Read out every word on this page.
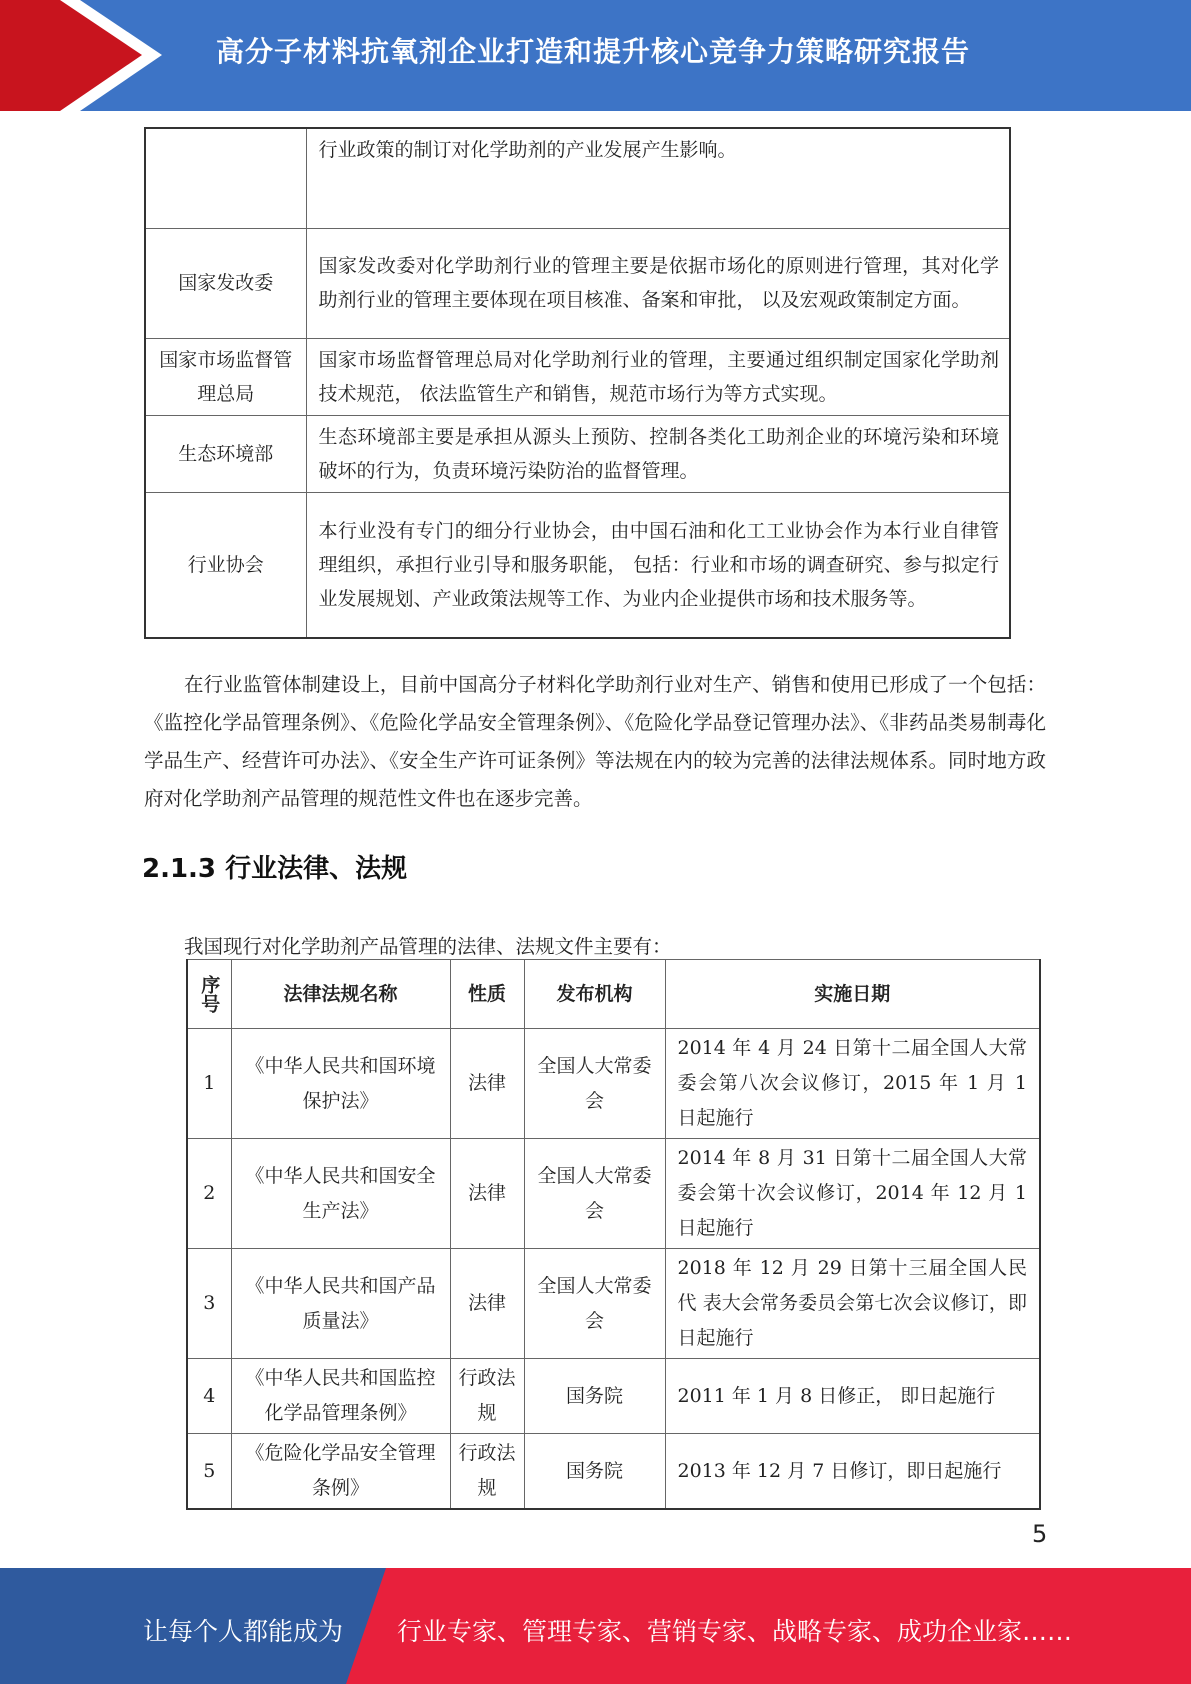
高分子材料抗氧剂企业打造和提升核心竞争力策略研究报告
	行业政策的制订对化学助剂的产业发展产生影响。
国家发改委	国家发改委对化学助剂行业的管理主要是依据市场化的原则进行管理，其对化学助剂行业的管理主要体现在项目核准、备案和审批， 以及宏观政策制定方面。
国家市场监督管理总局	国家市场监督管理总局对化学助剂行业的管理，主要通过组织制定国家化学助剂技术规范， 依法监管生产和销售，规范市场行为等方式实现。
生态环境部	生态环境部主要是承担从源头上预防、控制各类化工助剂企业的环境污染和环境破坏的行为，负责环境污染防治的监督管理。
行业协会	本行业没有专门的细分行业协会，由中国石油和化工工业协会作为本行业自律管理组织，承担行业引导和服务职能， 包括：行业和市场的调查研究、参与拟定行业发展规划、产业政策法规等工作、为业内企业提供市场和技术服务等。

在行业监管体制建设上，目前中国高分子材料化学助剂行业对生产、销售和使用已形成了一个包括：《监控化学品管理条例》、《危险化学品安全管理条例》、《危险化学品登记管理办法》、《非药品类易制毒化学品生产、经营许可办法》、《安全生产许可证条例》等法规在内的较为完善的法律法规体系。同时地方政府对化学助剂产品管理的规范性文件也在逐步完善。

2.1.3 行业法律、法规
我国现行对化学助剂产品管理的法律、法规文件主要有：
序号	法律法规名称	性质	发布机构	实施日期
1	《中华人民共和国环境保护法》	法律	全国人大常委会	2014 年 4 月 24 日第十二届全国人大常 委会第八次会议修订，2015 年 1 月 1　日起施行
2	《中华人民共和国安全生产法》	法律	全国人大常委会	2014 年 8 月 31 日第十二届全国人大常 委会第十次会议修订，2014 年 12 月 1 日起施行
3	《中华人民共和国产品质量法》	法律	全国人大常委会	2018 年 12 月 29 日第十三届全国人民代 表大会常务委员会第七次会议修订，即 日起施行
4	《中华人民共和国监控化学品管理条例》	行政法规	国务院	2011 年 1 月 8 日修正， 即日起施行
5	《危险化学品安全管理条例》	行政法规	国务院	2013 年 12 月 7 日修订，即日起施行
5
让每个人都能成为 行业专家、管理专家、营销专家、战略专家、成功企业家……
